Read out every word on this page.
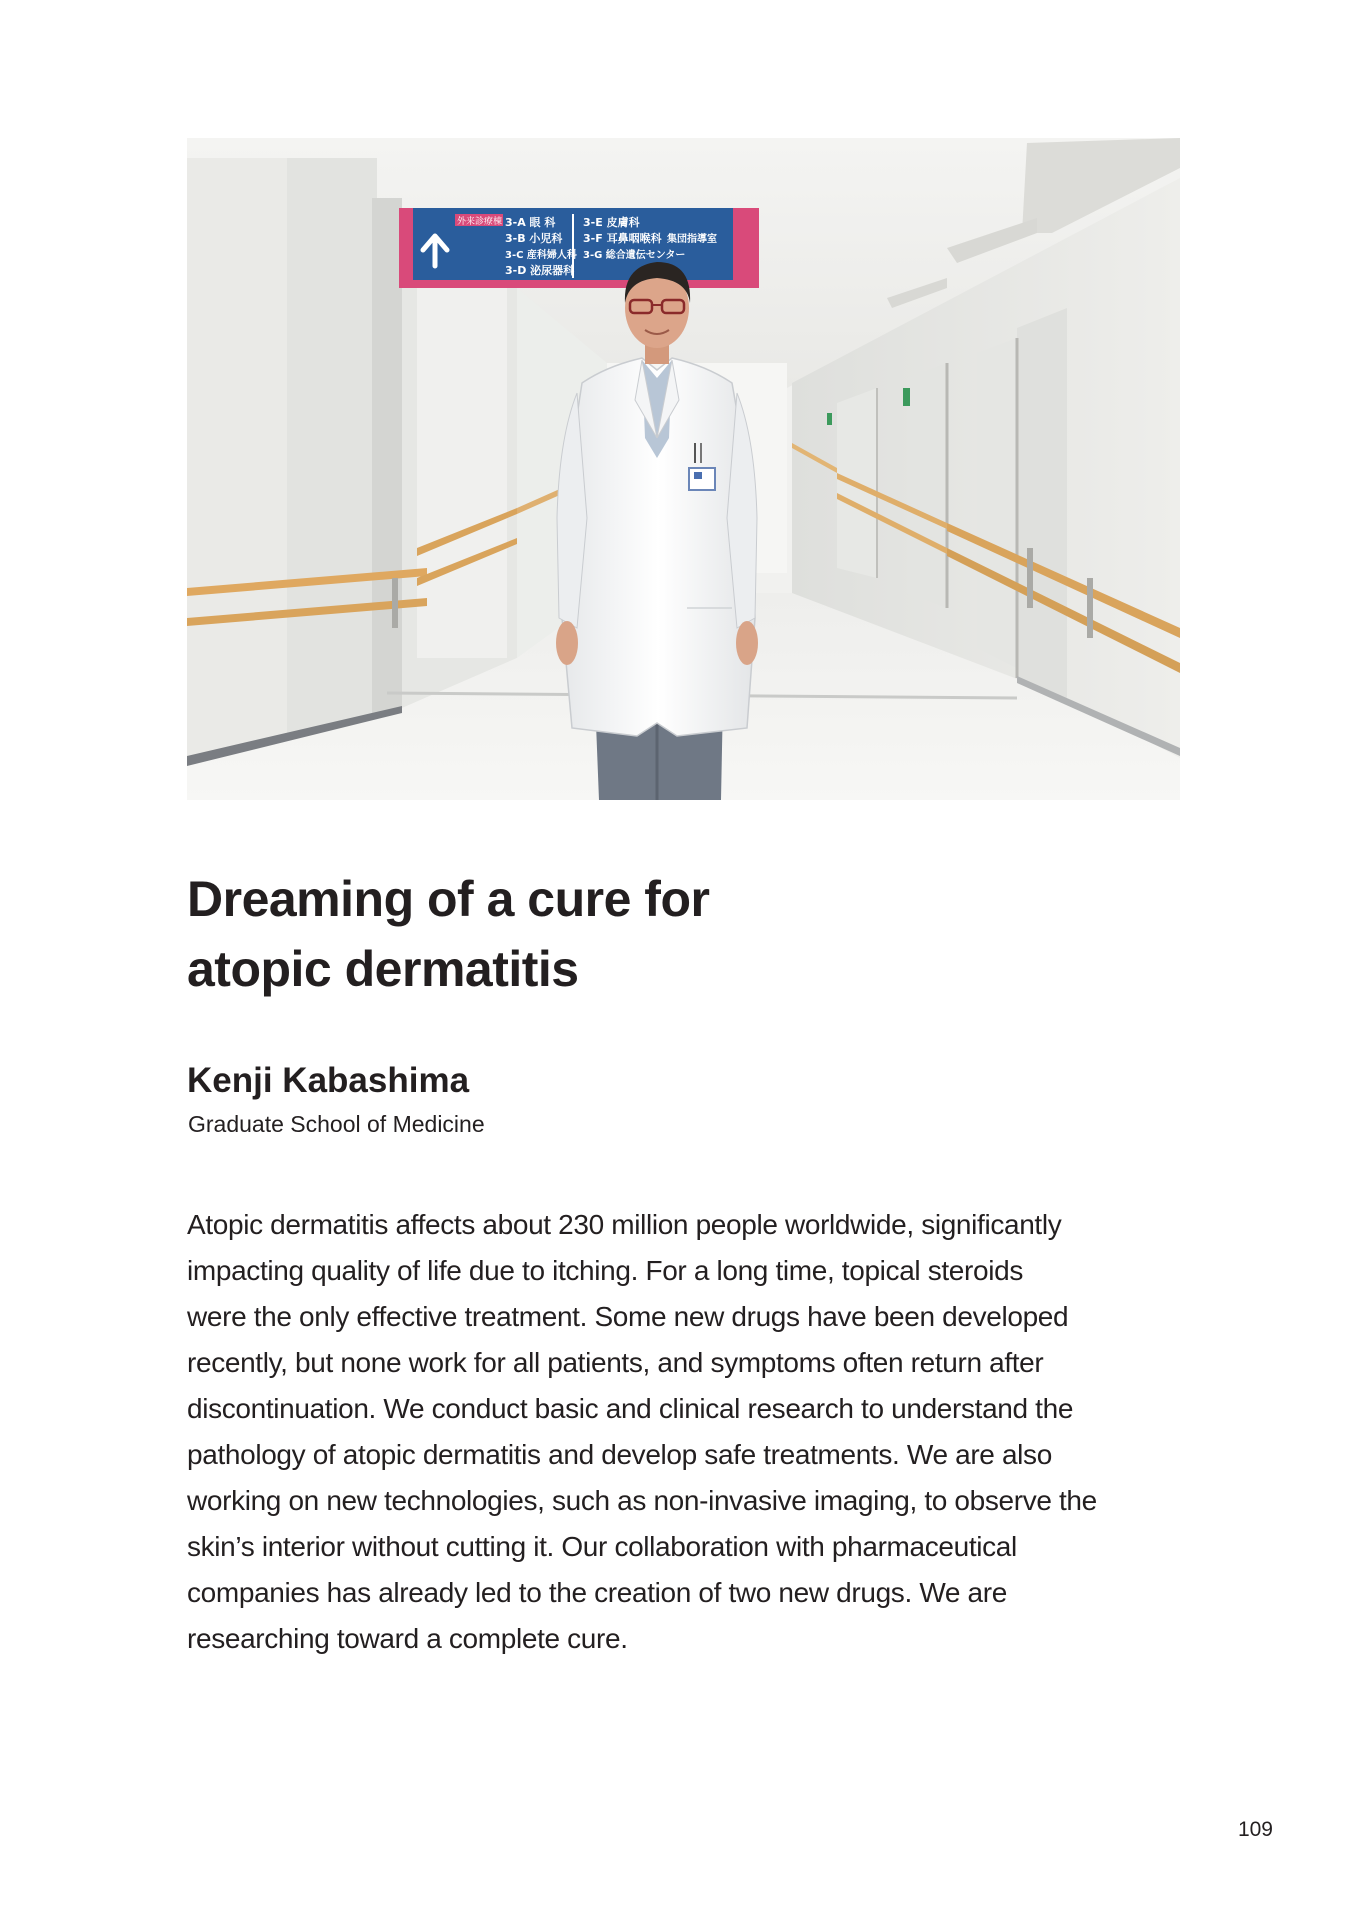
外来診療棟 3-A 眼 科
3-B 小児科
3-C 産科婦人科
3-D 泌尿器科
3-E 皮膚科
3-F 耳鼻咽喉科
3-G 総合遺伝センター
集団指導室
Dreaming of a cure for
atopic dermatitis

Kenji Kabashima

Graduate School of Medicine

Atopic dermatitis affects about 230 million people worldwide, significantly
impacting quality of life due to itching. For a long time, topical steroids
were the only effective treatment. Some new drugs have been developed
recently, but none work for all patients, and symptoms often return after
discontinuation. We conduct basic and clinical research to understand the
pathology of atopic dermatitis and develop safe treatments. We are also
working on new technologies, such as non-invasive imaging, to observe the
skin’s interior without cutting it. Our collaboration with pharmaceutical
companies has already led to the creation of two new drugs. We are
researching toward a complete cure.

109
